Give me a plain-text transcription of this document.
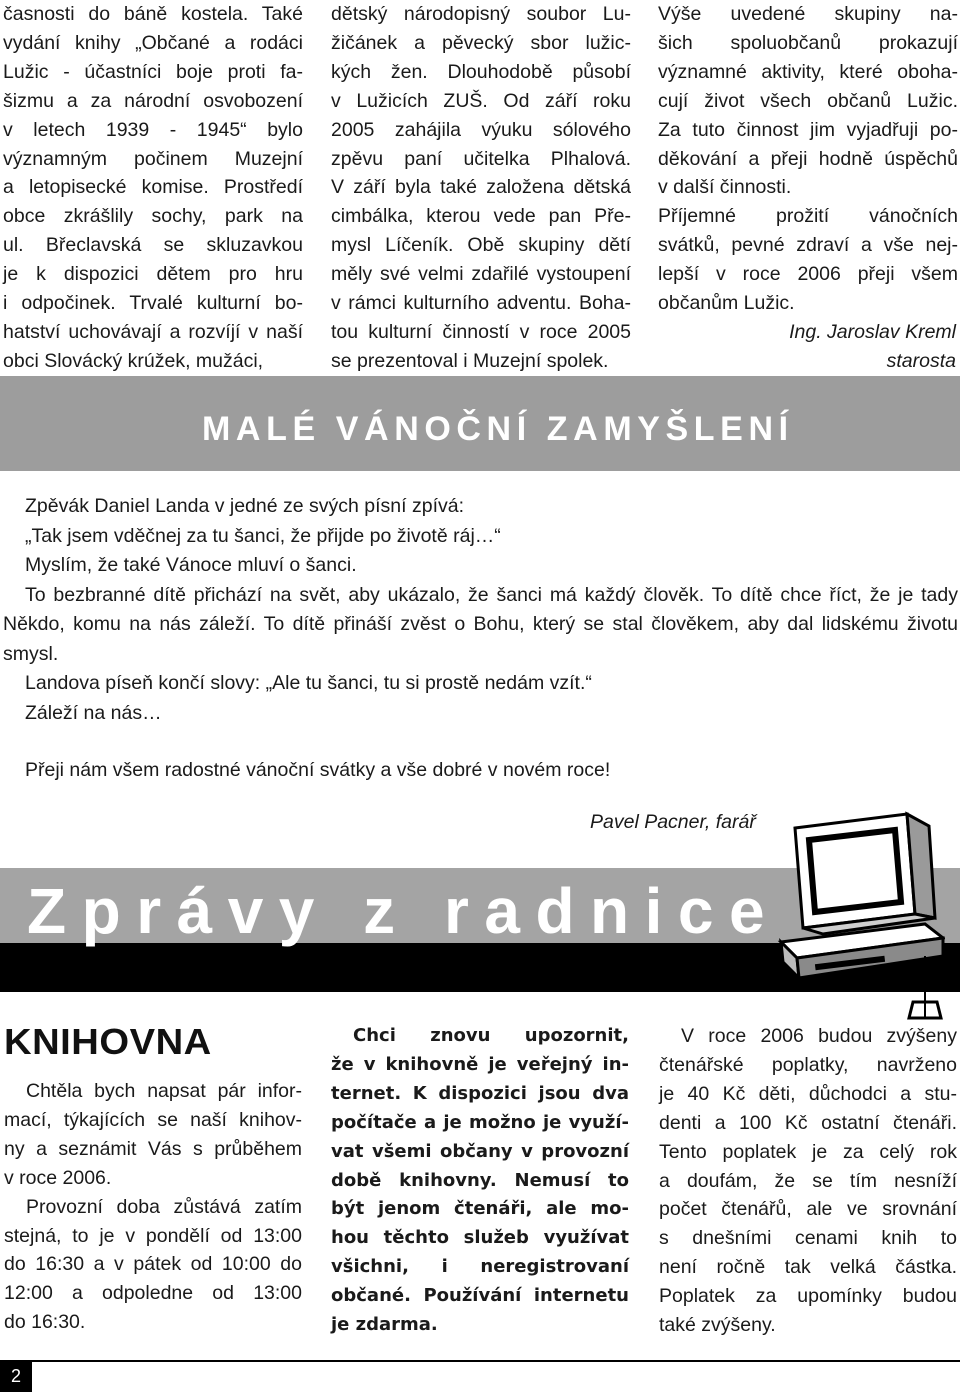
časnosti do báně kostela. Také
vydání knihy „Občané a rodáci
Lužic - účastníci boje proti fa-
šizmu a za národní osvobození
v letech 1939 - 1945“ bylo
významným počinem Muzejní
a letopisecké komise. Prostředí
obce zkrášlily sochy, park na
ul. Břeclavská se skluzavkou
je k dispozici dětem pro hru
i odpočinek. Trvalé kulturní bo-
hatství uchovávají a rozvíjí v naší
obci Slovácký krúžek, mužáci,
dětský národopisný soubor Lu-
žičánek a pěvecký sbor lužic-
kých žen. Dlouhodobě působí
v Lužicích ZUŠ. Od září roku
2005 zahájila výuku sólového
zpěvu paní učitelka Plhalová.
V září byla také založena dětská
cimbálka, kterou vede pan Pře-
mysl Líčeník. Obě skupiny dětí
měly své velmi zdařilé vystoupení
v rámci kulturního adventu. Boha-
tou kulturní činností v roce 2005
se prezentoval i Muzejní spolek.
Výše uvedené skupiny na-
šich spoluobčanů prokazují
významné aktivity, které oboha-
cují život všech občanů Lužic.
Za tuto činnost jim vyjadřuji po-
děkování a přeji hodně úspěchů
v další činnosti.
Příjemné prožití vánočních
svátků, pevné zdraví a vše nej-
lepší v roce 2006 přeji všem
občanům Lužic.
Ing. Jaroslav Kreml
starosta
MALÉ VÁNOČNÍ ZAMYŠLENÍ
Zpěvák Daniel Landa v jedné ze svých písní zpívá:
„Tak jsem vděčnej za tu šanci, že přijde po životě ráj…“
Myslím, že také Vánoce mluví o šanci.
To bezbranné dítě přichází na svět, aby ukázalo, že šanci má každý člověk. To dítě chce říct, že je tady Někdo, komu na nás záleží. To dítě přináší zvěst o Bohu, který se stal člověkem, aby dal lidskému životu smysl.
Landova píseň končí slovy: „Ale tu šanci, tu si prostě nedám vzít.“
Záleží na nás…
Přeji nám všem radostné vánoční svátky a vše dobré v novém roce!
Pavel Pacner, farář
Zprávy z radnice
KNIHOVNA
Chtěla bych napsat pár infor-
mací, týkajících se naší knihov-
ny a seznámit Vás s průběhem
v roce 2006.
Provozní doba zůstává zatím
stejná, to je v pondělí od 13:00
do 16:30 a v pátek od 10:00 do
12:00 a odpoledne od 13:00
do 16:30.
Chci znovu upozornit,
že v knihovně je veřejný in-
ternet. K dispozici jsou dva
počítače a je možno je využí-
vat všemi občany v provozní
době knihovny. Nemusí to
být jenom čtenáři, ale mo-
hou těchto služeb využívat
všichni, i neregistrovaní
občané. Používání internetu
je zdarma.
V roce 2006 budou zvýšeny
čtenářské poplatky, navrženo
je 40 Kč děti, důchodci a stu-
denti a 100 Kč ostatní čtenáři.
Tento poplatek je za celý rok
a doufám, že se tím nesníží
počet čtenářů, ale ve srovnání
s dnešními cenami knih to
není ročně tak velká částka.
Poplatek za upomínky budou
také zvýšeny.
2
